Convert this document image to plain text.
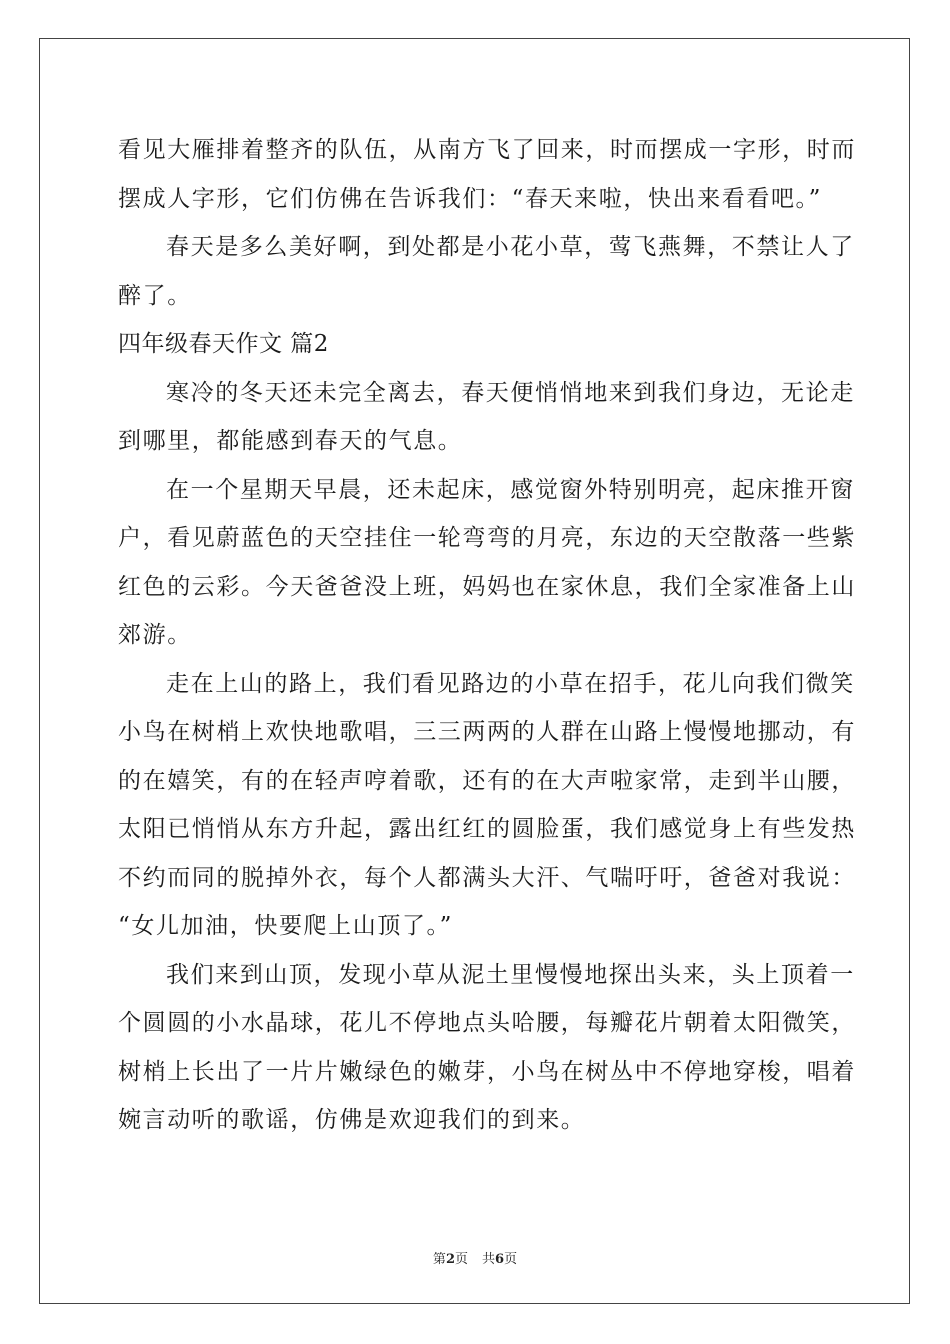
看见大雁排着整齐的队伍，从南方飞了回来，时而摆成一字形，时而
摆成人字形，它们仿佛在告诉我们：“春天来啦，快出来看看吧。”
春天是多么美好啊，到处都是小花小草，莺飞燕舞，不禁让人了
醉了。
四年级春天作文 篇2
寒冷的冬天还未完全离去，春天便悄悄地来到我们身边，无论走
到哪里，都能感到春天的气息。
在一个星期天早晨，还未起床，感觉窗外特别明亮，起床推开窗
户，看见蔚蓝色的天空挂住一轮弯弯的月亮，东边的天空散落一些紫
红色的云彩。今天爸爸没上班，妈妈也在家休息，我们全家准备上山
郊游。
走在上山的路上，我们看见路边的小草在招手，花儿向我们微笑
小鸟在树梢上欢快地歌唱，三三两两的人群在山路上慢慢地挪动，有
的在嬉笑，有的在轻声哼着歌，还有的在大声啦家常，走到半山腰，
太阳已悄悄从东方升起，露出红红的圆脸蛋，我们感觉身上有些发热
不约而同的脱掉外衣，每个人都满头大汗、气喘吁吁，爸爸对我说：
“女儿加油，快要爬上山顶了。”
我们来到山顶，发现小草从泥土里慢慢地探出头来，头上顶着一
个圆圆的小水晶球，花儿不停地点头哈腰，每瓣花片朝着太阳微笑，
树梢上长出了一片片嫩绿色的嫩芽，小鸟在树丛中不停地穿梭，唱着
婉言动听的歌谣，仿佛是欢迎我们的到来。
第2页 共6页
